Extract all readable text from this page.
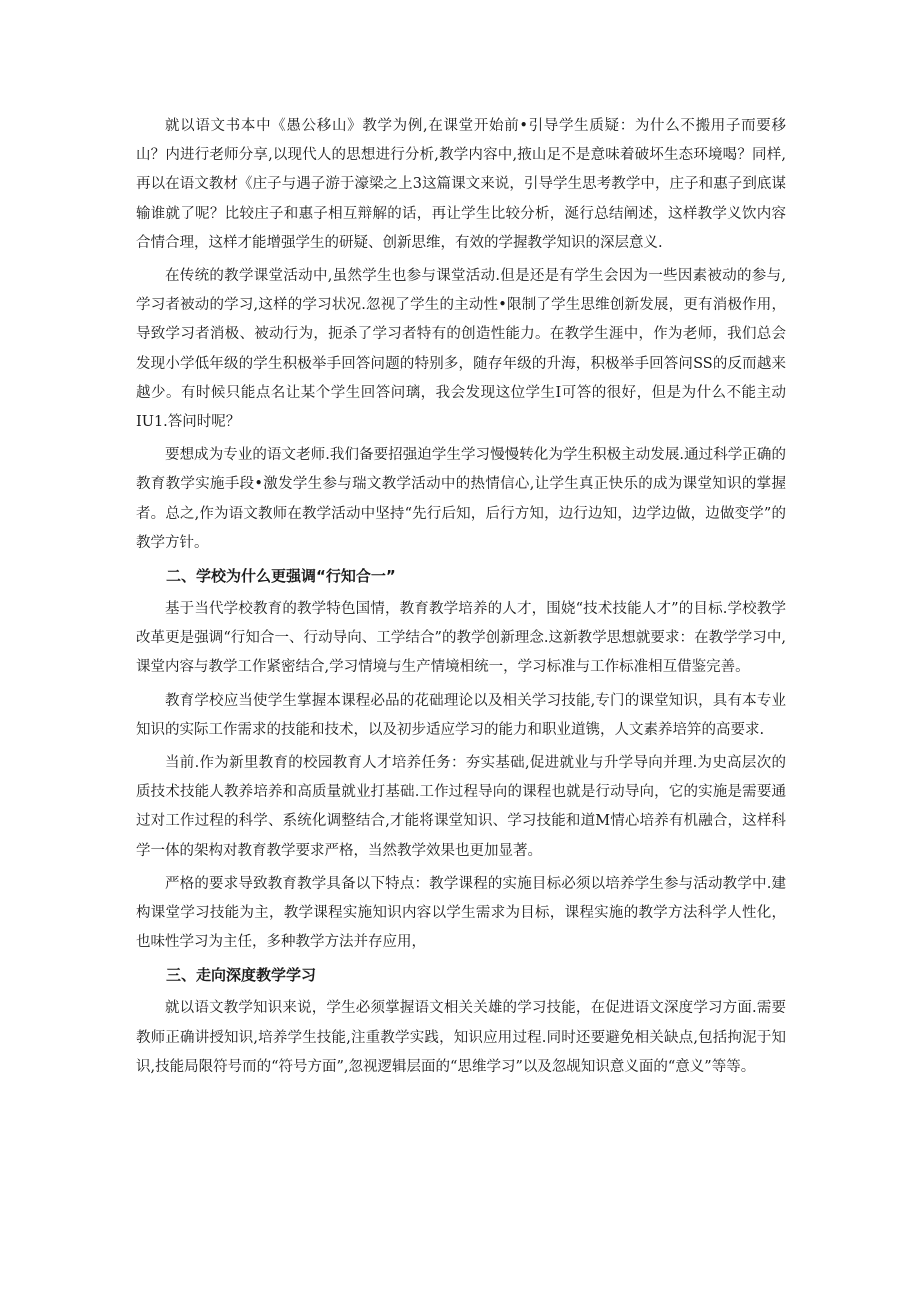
就以语文书本中《愚公移山》教学为例,在课堂开始前•引导学生质疑：为什么不搬用子而要移山？内进行老师分享,以现代人的思想进行分析,教学内容中,掖山足不是意味着破坏生态环境喝？同样,再以在语文教材《庄子与遇子游于濠梁之上3这篇课文来说，引导学生思考教学中，庄子和惠子到底谋输谁就了呢？比较庄子和惠子相互辩解的话，再让学生比较分析，涎行总结阐述，这样教学义饮内容合情合理，这样才能增强学生的研疑、创新思维，有效的学握教学知识的深层意义.

在传统的教学课堂活动中,虽然学生也参与课堂活动.但是还是有学生会因为一些因素被动的参与,学习者被动的学习,这样的学习状况.忽视了学生的主动性•限制了学生思维创新发展，更有消极作用，导致学习者消极、被动行为，扼杀了学习者特有的创造性能力。在教学生涯中，作为老师，我们总会发现小学低年级的学生积极举手回答问题的特别多，随存年级的升海，积极举手回答问SS的反而越来越少。有时候只能点名让某个学生回答问璃，我会发现这位学生I可答的很好，但是为什么不能主动IU1.答问时呢？

要想成为专业的语文老师.我们备要招强迫学生学习慢慢转化为学生积极主动发展.通过科学正确的教育教学实施手段•激发学生参与瑞文教学活动中的热情信心,让学生真正快乐的成为课堂知识的掌握者。总之,作为语文教师在教学活动中坚持“先行后知，后行方知，边行边知，边学边做，边做变学”的教学方针。

二、学校为什么更强调“行知合一”

基于当代学校教育的教学特色国情，教育教学培养的人才，围娆“技术技能人才”的目标.学校教学改革更是强调“行知合一、行动导向、工学结合”的教学创新理念.这新教学思想就要求：在教学学习中,课堂内容与教学工作紧密结合,学习情境与生产情境相统一，学习标准与工作标准相互借鉴完善。

教育学校应当使学生掌握本课程必品的花础理论以及相关学习技能,专门的课堂知识，具有本专业知识的实际工作需求的技能和技术，以及初步适应学习的能力和职业道镌，人文素养培笄的高要求.

当前.作为新里教育的校园教育人才培养任务：夯实基础,促进就业与升学导向并理.为史高层次的质技术技能人教养培养和高质量就业打基础.工作过程导向的课程也就是行动导向，它的实施是需要通过对工作过程的科学、系统化调整结合,才能将课堂知识、学习技能和道M情心培养有机融合，这样科学一体的架构对教育教学要求严格，当然教学效果也更加显著。

严格的要求导致教育教学具备以下特点：教学课程的实施目标必须以培养学生参与活动教学中.建构课堂学习技能为主，教学课程实施知识内容以学生需求为目标，课程实施的教学方法科学人性化，也味性学习为主任，多种教学方法并存应用，

三、走向深度教学学习

就以语文教学知识来说，学生必须掌握语文相关关雄的学习技能，在促进语文深度学习方面.需要教师正确讲授知识,培养学生技能,注重教学实践，知识应用过程.同时还要避免相关缺点,包括拘泥于知识,技能局限符号而的“符号方面”,忽视逻辑层面的“思维学习”以及忽觇知识意义面的“意义”等等。
